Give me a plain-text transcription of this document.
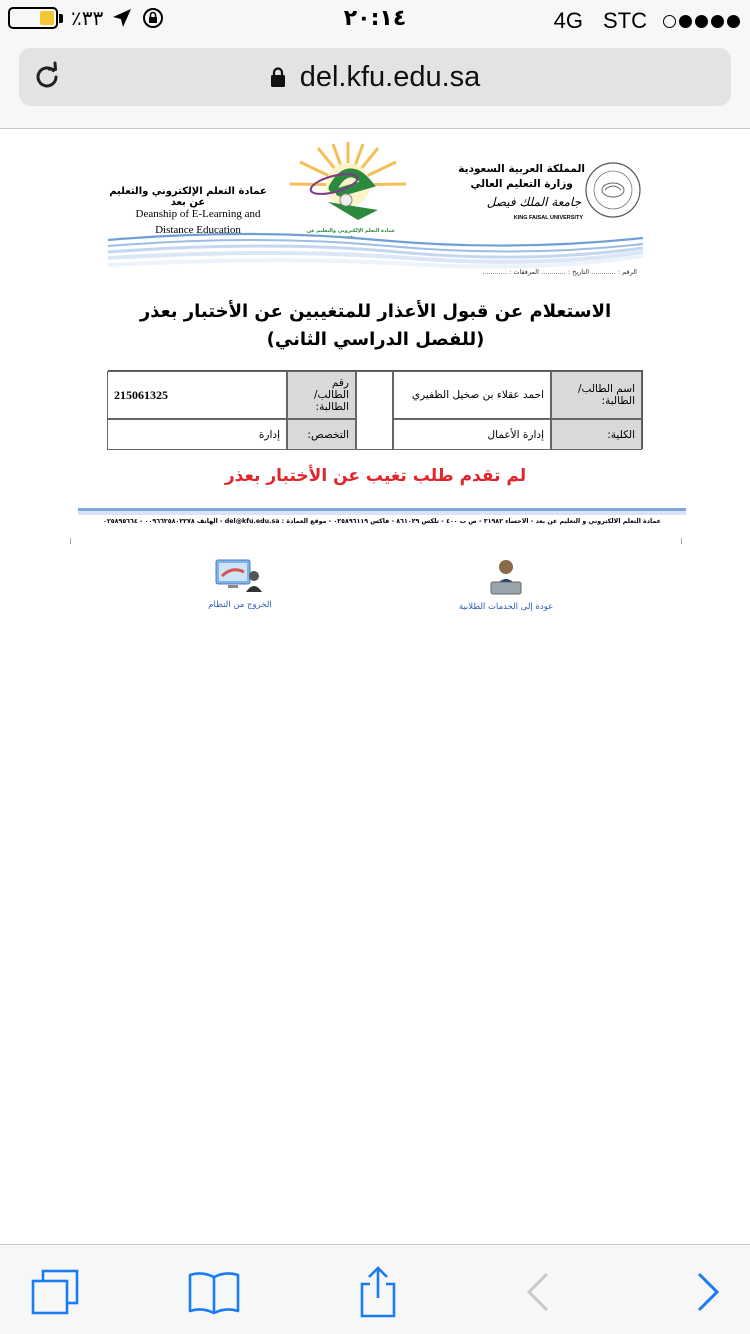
٪٣٣	٢٠:١٤	4G STC
del.kfu.edu.sa
عمادة التعلم الإلكتروني والتعليم عن بعد
عمادة التعلم الإلكتروني والتعليم عن بعد
Deanship of E-Learning and
Distance Education
المملكة العربية السعودية
وزارة التعليم العالي
جامعة الملك فيصل
KING FAISAL UNIVERSITY
الرقم : ............ التاريخ : ............ المرفقات : ............
الاستعلام عن قبول الأعذار للمتغيبين عن الأختبار بعذر
(للفصل الدراسي الثاني)
اسم الطالب/ الطالبة:
احمد عقلاء بن صخيل الظفيري
رقم الطالب/ الطالبة:
215061325
الكلية:
إدارة الأعمال
التخصص:
إدارة
لم تقدم طلب تغيب عن الأختبار بعذر
عمادة التعلم الالكتروني و التعليم عن بعد - الأحساء ٣١٩٨٢ - ص ب ٤٠٠ - تلكس ٨٦١٠٢٩ - فاكس ٠٢٥٨٩٦١١٩ - موقع العمادة : del@kfu.edu.sa - الهاتف ٠٠٩٦٦٢٥٨٠٢٢٧٨ - ٠٢٥٨٩٥٦٦٤
الخروج من النظام	عودة إلى الخدمات الطلابية
